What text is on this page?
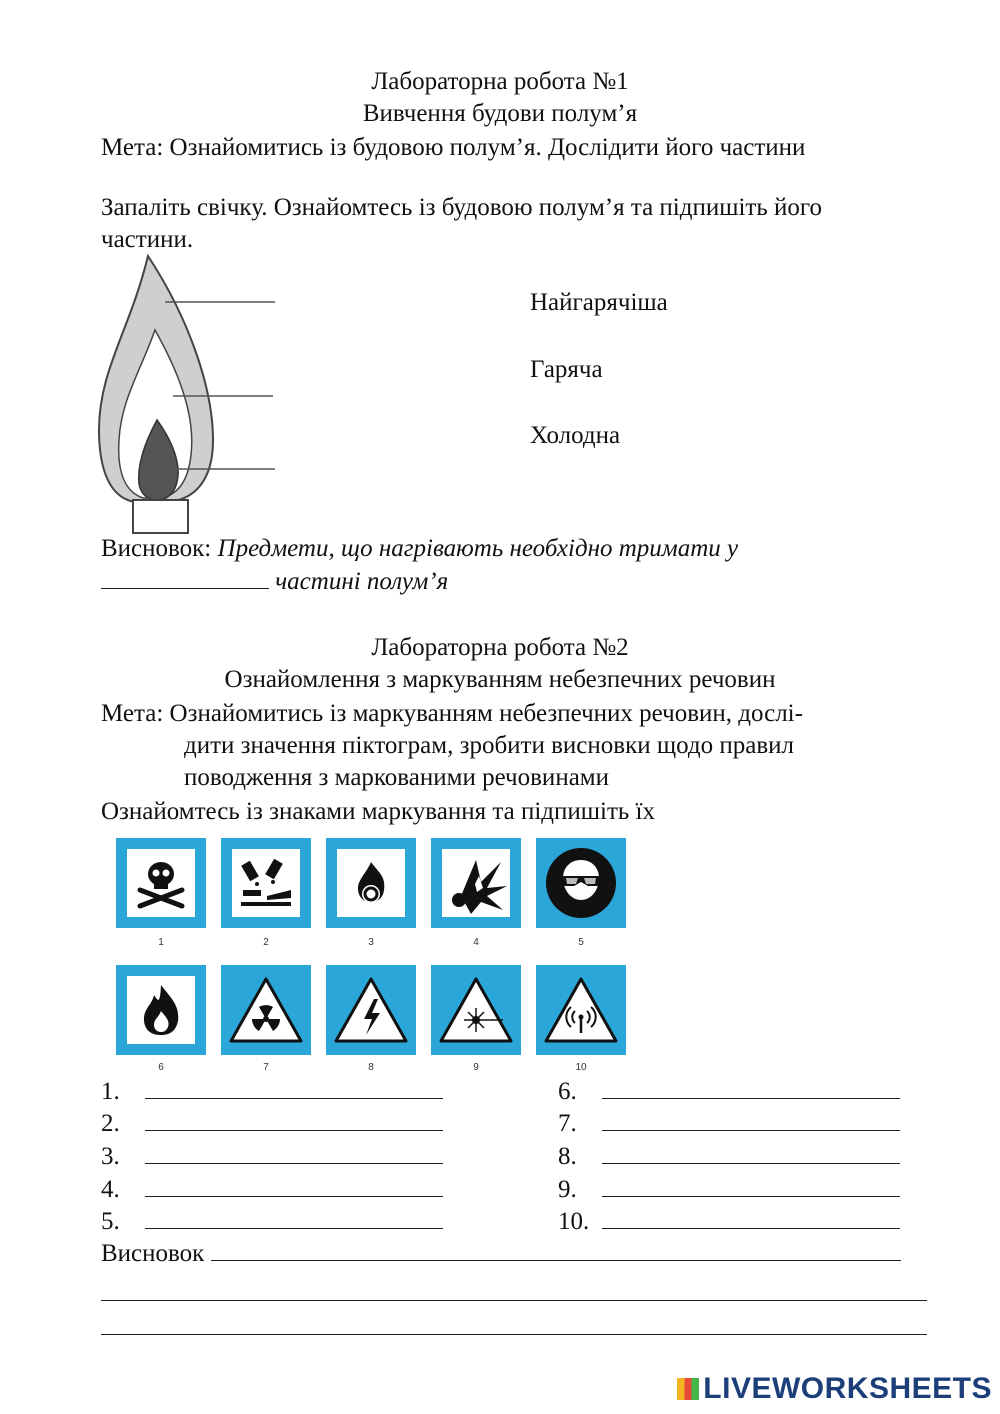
Лабораторна робота №1
Вивчення будови полум’я
Мета: Ознайомитись із будовою полум’я. Дослідити його частини
Запаліть свічку. Ознайомтесь із будовою полум’я та підпишіть його
частини.
Найгарячіша
Гаряча
Холодна
Висновок: Предмети, що нагрівають необхідно тримати у
частині полум’я
Лабораторна робота №2
Ознайомлення з маркуванням небезпечних речовин
Мета: Ознайомитись із маркуванням небезпечних речовин, дослі-
дити значення піктограм, зробити висновки щодо правил
поводження з маркованими речовинами
Ознайомтесь із знаками маркування та підпишіть їх
1	2	3	4	5
6	7	8	9	10
1.
2.
3.
4.
5.
6.
7.
8.
9.
10.
Висновок
LIVEWORKSHEETS
